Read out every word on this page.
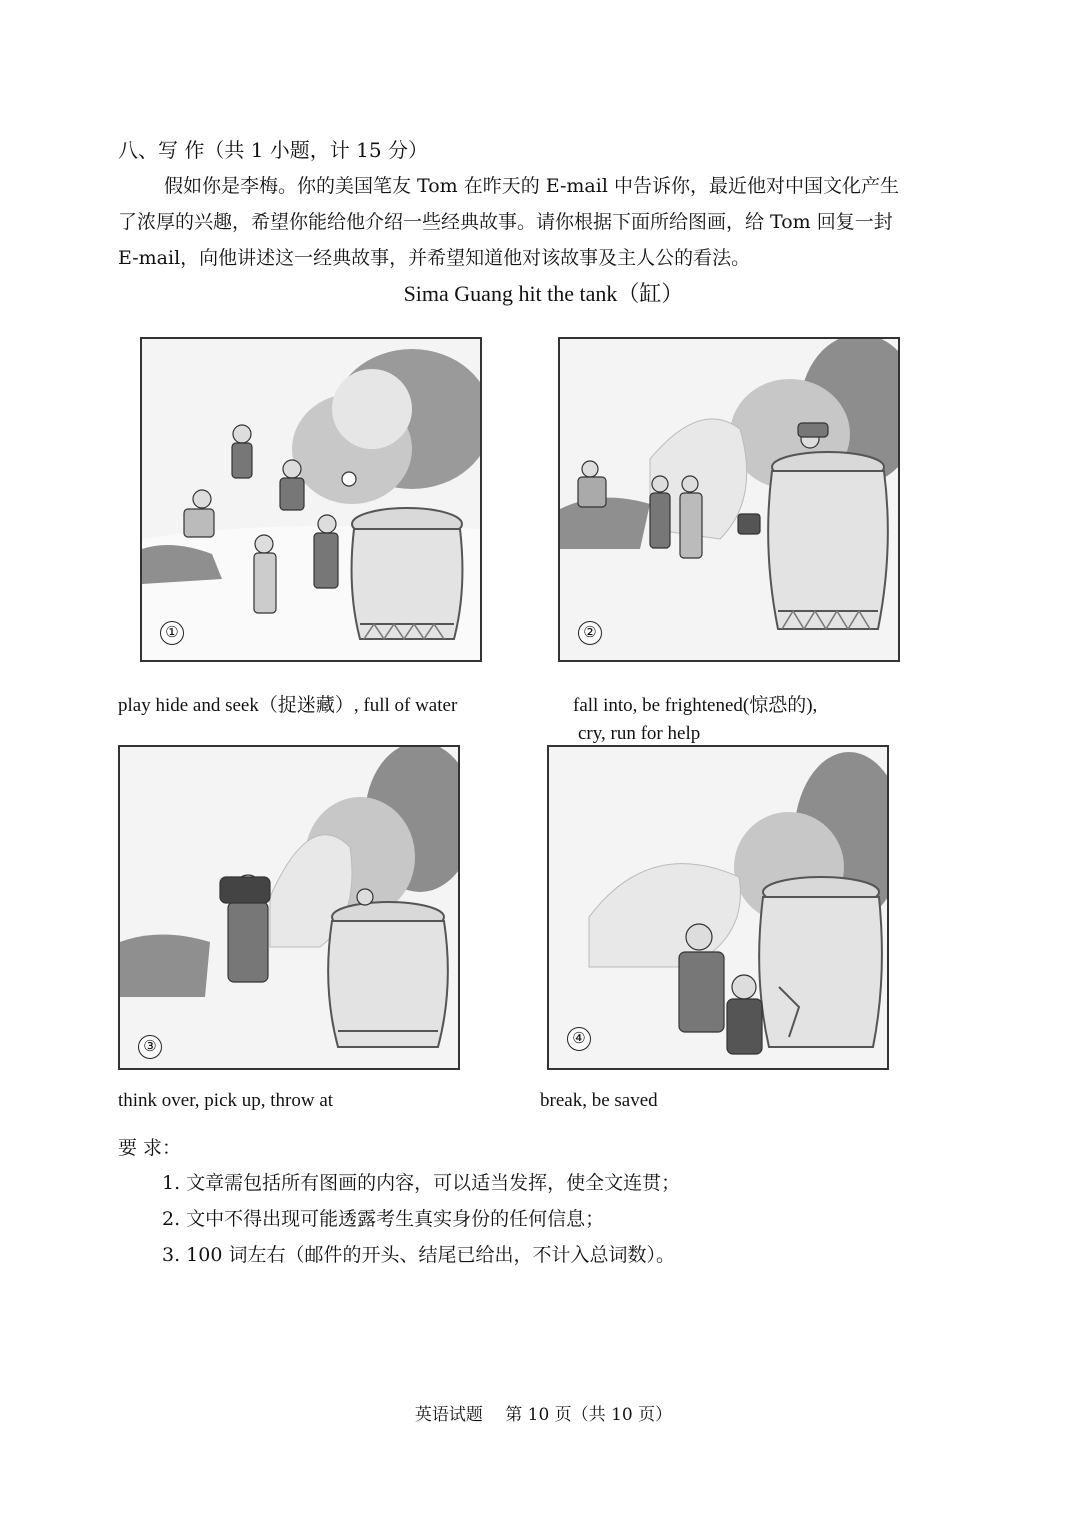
八、写 作（共 1 小题，计 15 分）
假如你是李梅。你的美国笔友 Tom 在昨天的 E-mail 中告诉你，最近他对中国文化产生了浓厚的兴趣，希望你能给他介绍一些经典故事。请你根据下面所给图画，给 Tom 回复一封 E-mail，向他讲述这一经典故事，并希望知道他对该故事及主人公的看法。
Sima Guang hit the tank（缸）
①	②
play hide and seek（捉迷藏）, full of water	fall into, be frightened(惊恐的),
cry, run for help
③	④
think over, pick up, throw at	break, be saved
要 求：
1. 文章需包括所有图画的内容，可以适当发挥，使全文连贯；
2. 文中不得出现可能透露考生真实身份的任何信息；
3. 100 词左右（邮件的开头、结尾已给出，不计入总词数）。
英语试题　 第 10 页（共 10 页）
